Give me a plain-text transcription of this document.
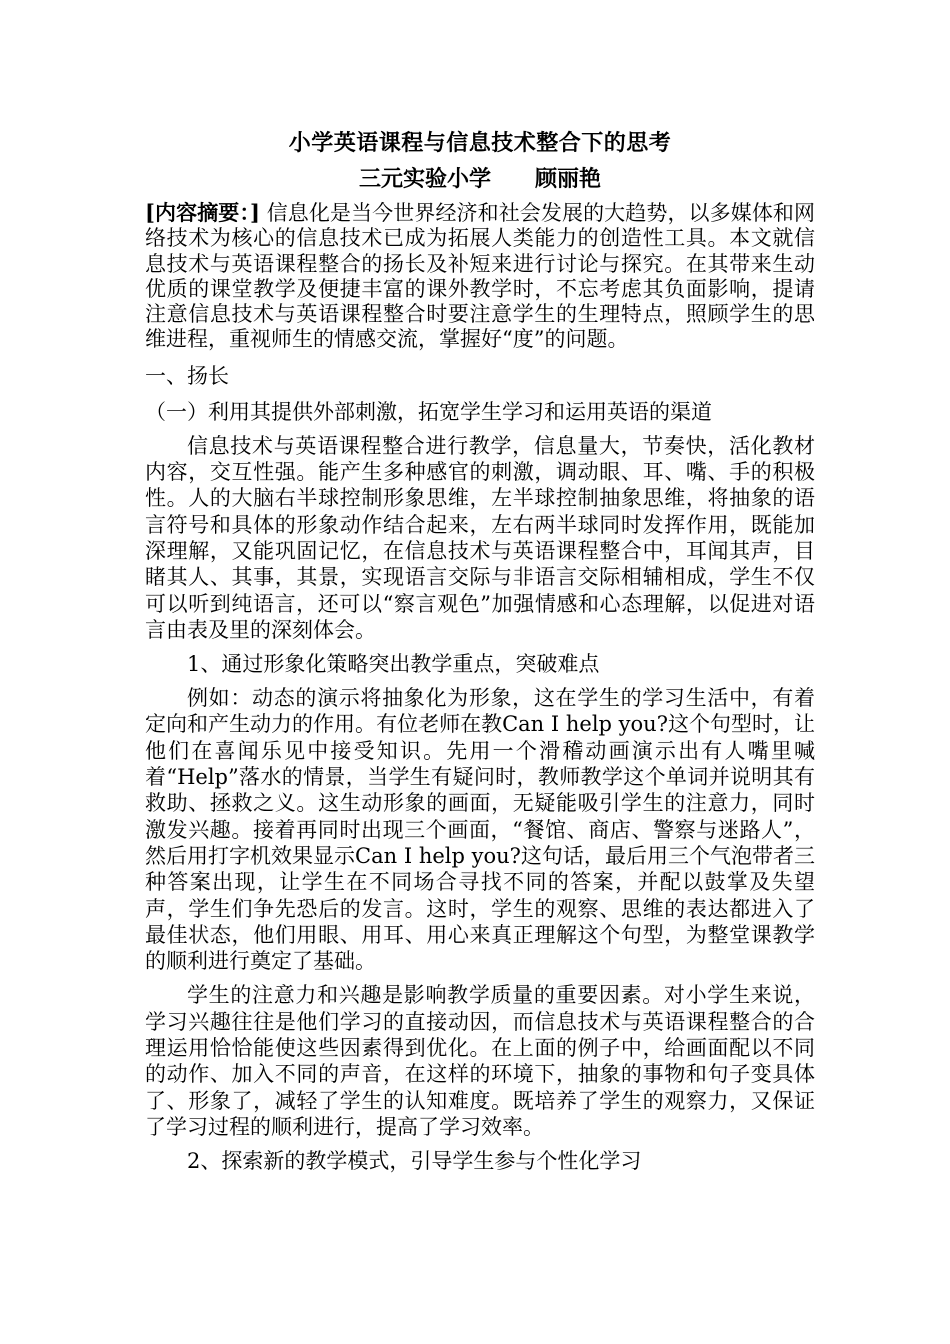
小学英语课程与信息技术整合下的思考

三元实验小学 顾丽艳

[内容摘要：] 信息化是当今世界经济和社会发展的大趋势，以多媒体和网络技术为核心的信息技术已成为拓展人类能力的创造性工具。本文就信息技术与英语课程整合的扬长及补短来进行讨论与探究。在其带来生动优质的课堂教学及便捷丰富的课外教学时，不忘考虑其负面影响，提请注意信息技术与英语课程整合时要注意学生的生理特点，照顾学生的思维进程，重视师生的情感交流，掌握好“度”的问题。

一、扬长

（一）利用其提供外部刺激，拓宽学生学习和运用英语的渠道

信息技术与英语课程整合进行教学，信息量大，节奏快，活化教材内容，交互性强。能产生多种感官的刺激，调动眼、耳、嘴、手的积极性。人的大脑右半球控制形象思维，左半球控制抽象思维，将抽象的语言符号和具体的形象动作结合起来，左右两半球同时发挥作用，既能加深理解，又能巩固记忆，在信息技术与英语课程整合中，耳闻其声，目睹其人、其事，其景，实现语言交际与非语言交际相辅相成，学生不仅可以听到纯语言，还可以“察言观色”加强情感和心态理解，以促进对语言由表及里的深刻体会。

1、通过形象化策略突出教学重点，突破难点

例如：动态的演示将抽象化为形象，这在学生的学习生活中，有着定向和产生动力的作用。有位老师在教Can I help you?这个句型时，让他们在喜闻乐见中接受知识。先用一个滑稽动画演示出有人嘴里喊着“Help”落水的情景，当学生有疑问时，教师教学这个单词并说明其有救助、拯救之义。这生动形象的画面，无疑能吸引学生的注意力，同时激发兴趣。接着再同时出现三个画面，“餐馆、商店、警察与迷路人”，然后用打字机效果显示Can I help you?这句话，最后用三个气泡带者三种答案出现，让学生在不同场合寻找不同的答案，并配以鼓掌及失望声，学生们争先恐后的发言。这时，学生的观察、思维的表达都进入了最佳状态，他们用眼、用耳、用心来真正理解这个句型，为整堂课教学的顺利进行奠定了基础。

学生的注意力和兴趣是影响教学质量的重要因素。对小学生来说，学习兴趣往往是他们学习的直接动因，而信息技术与英语课程整合的合理运用恰恰能使这些因素得到优化。在上面的例子中，给画面配以不同的动作、加入不同的声音，在这样的环境下，抽象的事物和句子变具体了、形象了，减轻了学生的认知难度。既培养了学生的观察力，又保证了学习过程的顺利进行，提高了学习效率。

2、探索新的教学模式，引导学生参与个性化学习
